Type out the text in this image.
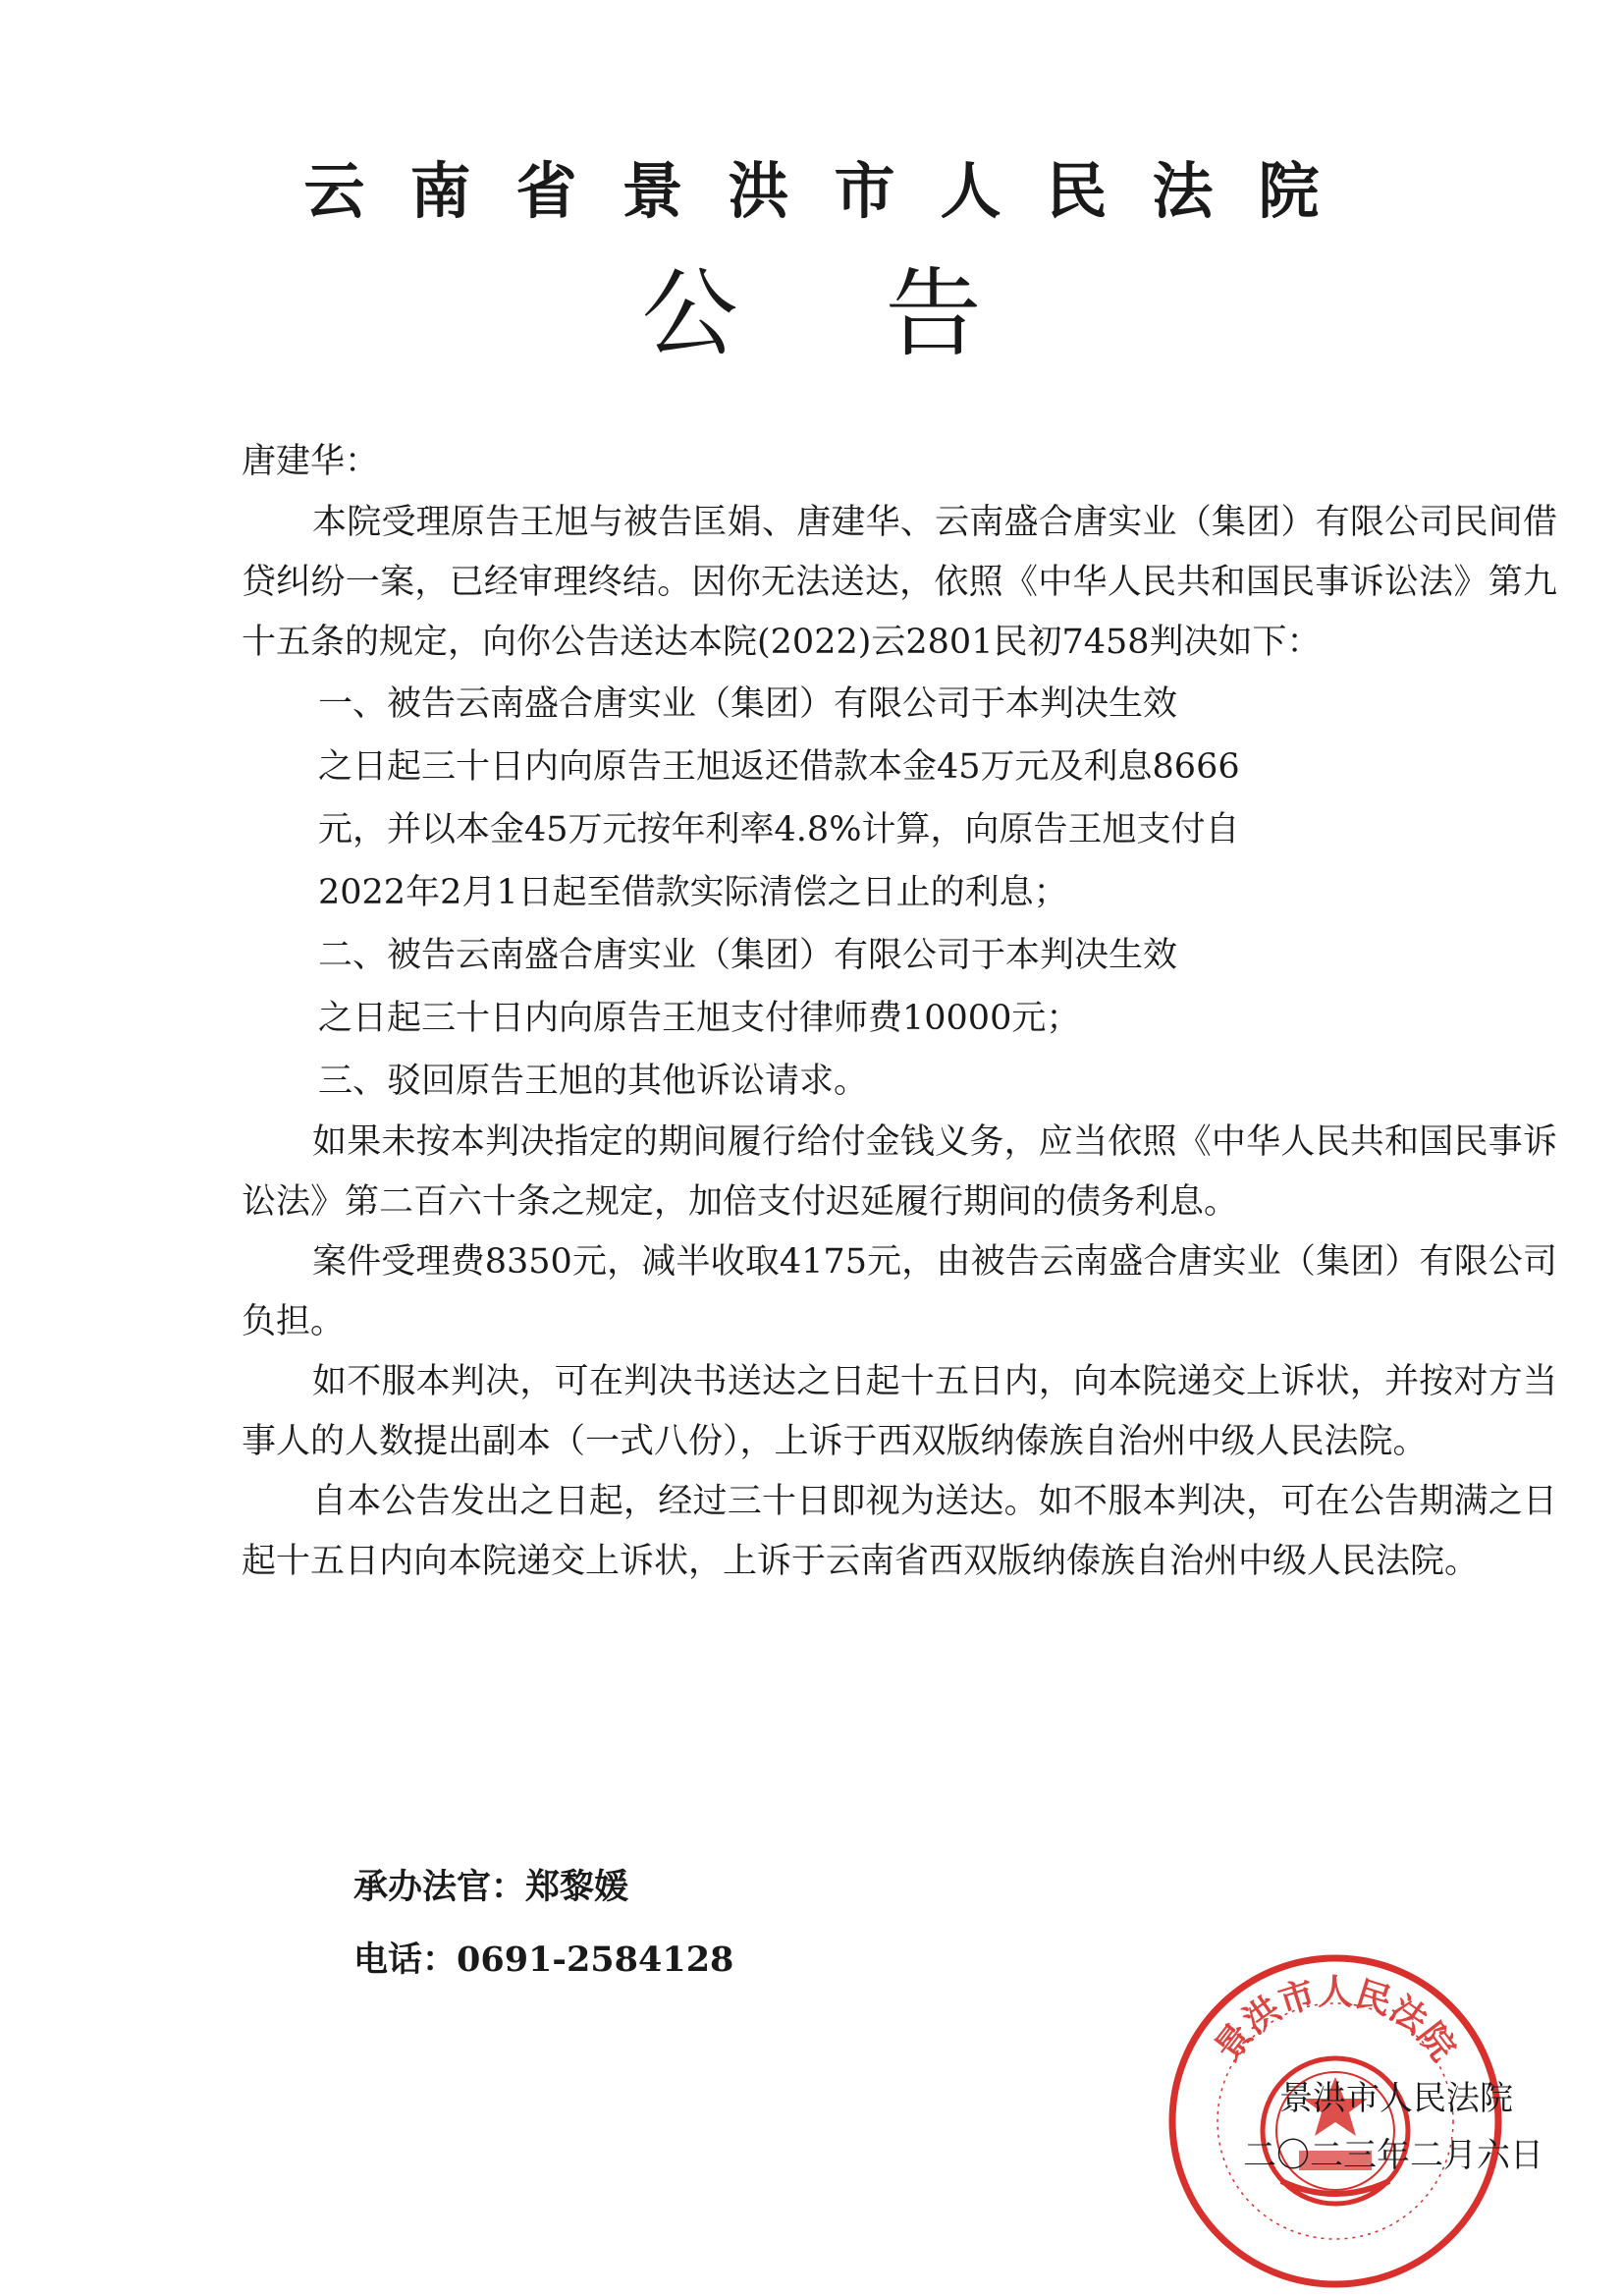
云南省景洪市人民法院
公告
唐建华：

本院受理原告王旭与被告匡娟、唐建华、云南盛合唐实业（集团）有限公司民间借贷纠纷一案，已经审理终结。因你无法送达，依照《中华人民共和国民事诉讼法》第九十五条的规定，向你公告送达本院(2022)云2801民初7458判决如下：

一、被告云南盛合唐实业（集团）有限公司于本判决生效
之日起三十日内向原告王旭返还借款本金45万元及利息8666
元，并以本金45万元按年利率4.8%计算，向原告王旭支付自
2022年2月1日起至借款实际清偿之日止的利息；

二、被告云南盛合唐实业（集团）有限公司于本判决生效
之日起三十日内向原告王旭支付律师费10000元；

三、驳回原告王旭的其他诉讼请求。

如果未按本判决指定的期间履行给付金钱义务，应当依照《中华人民共和国民事诉讼法》第二百六十条之规定，加倍支付迟延履行期间的债务利息。

案件受理费8350元，减半收取4175元，由被告云南盛合唐实业（集团）有限公司负担。

如不服本判决，可在判决书送达之日起十五日内，向本院递交上诉状，并按对方当事人的人数提出副本（一式八份），上诉于西双版纳傣族自治州中级人民法院。

自本公告发出之日起，经过三十日即视为送达。如不服本判决，可在公告期满之日起十五日内向本院递交上诉状，上诉于云南省西双版纳傣族自治州中级人民法院。

承办法官：郑黎媛
电话：0691-2584128
景洪市人民法院
景洪市人民法院
二〇二三年二月六日
